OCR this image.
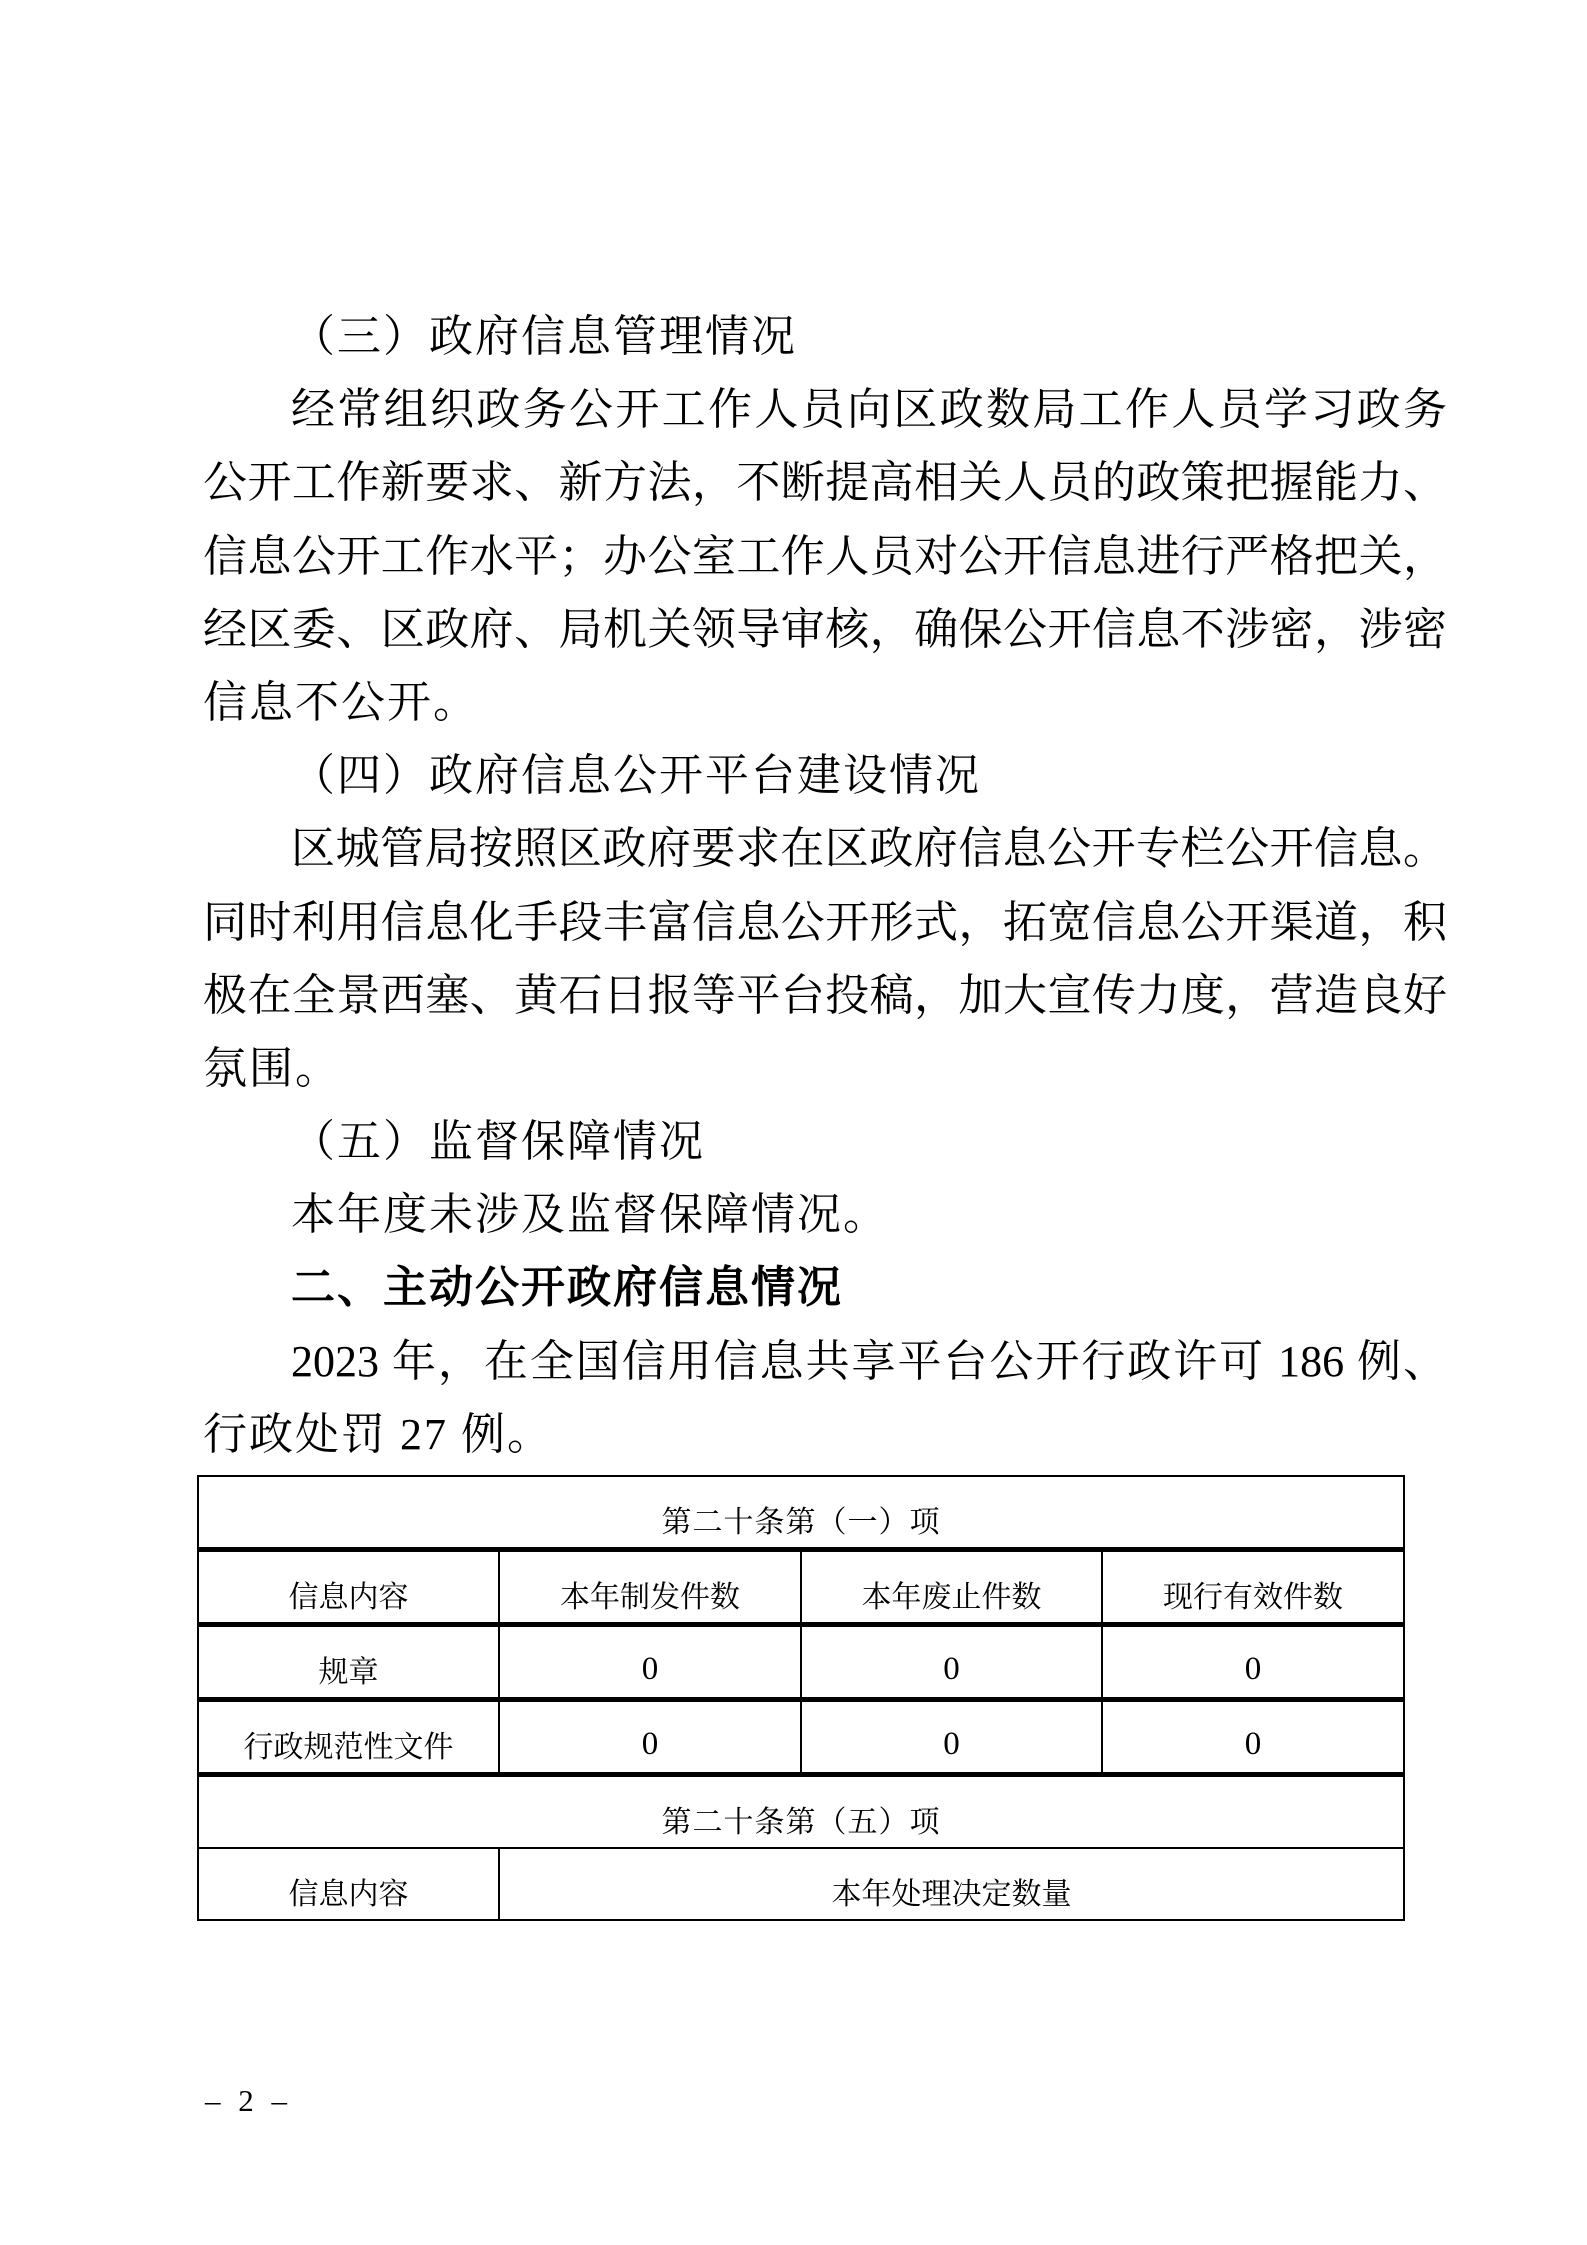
（三）政府信息管理情况
经常组织政务公开工作人员向区政数局工作人员学习政务
公开工作新要求、新方法，不断提高相关人员的政策把握能力、
信息公开工作水平；办公室工作人员对公开信息进行严格把关，
经区委、区政府、局机关领导审核，确保公开信息不涉密，涉密
信息不公开。
（四）政府信息公开平台建设情况
区城管局按照区政府要求在区政府信息公开专栏公开信息。
同时利用信息化手段丰富信息公开形式，拓宽信息公开渠道，积
极在全景西塞、黄石日报等平台投稿，加大宣传力度，营造良好
氛围。
（五）监督保障情况
本年度未涉及监督保障情况。
二、主动公开政府信息情况
2023 年，在全国信用信息共享平台公开行政许可 186 例、
行政处罚 27 例。
第二十条第（一）项			
信息内容	本年制发件数	本年废止件数	现行有效件数
规章	0	0	0
行政规范性文件	0	0	0
第二十条第（五）项			
信息内容	本年处理决定数量		
– 2 –
